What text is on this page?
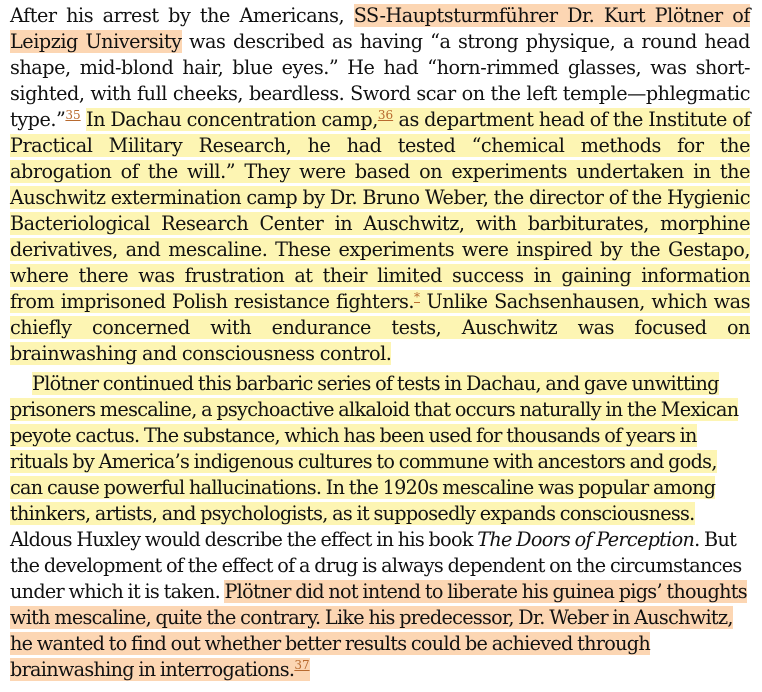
After his arrest by the Americans, SS-Hauptsturmführer Dr. Kurt Plötner of Leipzig University was described as having “a strong physique, a round head shape, mid-blond hair, blue eyes.” He had “horn-rimmed glasses, was short-sighted, with full cheeks, beardless. Sword scar on the left temple—phlegmatic type.”$^{35}$ In Dachau concentration camp,$^{36}$ as department head of the Institute of Practical Military Research, he had tested “chemical methods for the abrogation of the will.” They were based on experiments undertaken in the Auschwitz extermination camp by Dr. Bruno Weber, the director of the Hygienic Bacteriological Research Center in Auschwitz, with barbiturates, morphine derivatives, and mescaline. These experiments were inspired by the Gestapo, where there was frustration at their limited success in gaining information from imprisoned Polish resistance fighters.* Unlike Sachsenhausen, which was chiefly concerned with endurance tests, Auschwitz was focused on brainwashing and consciousness control.

Plötner continued this barbaric series of tests in Dachau, and gave unwitting prisoners mescaline, a psychoactive alkaloid that occurs naturally in the Mexican peyote cactus. The substance, which has been used for thousands of years in rituals by America’s indigenous cultures to commune with ancestors and gods, can cause powerful hallucinations. In the 1920s mescaline was popular among thinkers, artists, and psychologists, as it supposedly expands consciousness. Aldous Huxley would describe the effect in his book The Doors of Perception. But the development of the effect of a drug is always dependent on the circumstances under which it is taken. Plötner did not intend to liberate his guinea pigs’ thoughts with mescaline, quite the contrary. Like his predecessor, Dr. Weber in Auschwitz, he wanted to find out whether better results could be achieved through brainwashing in interrogations.$^{37}$
